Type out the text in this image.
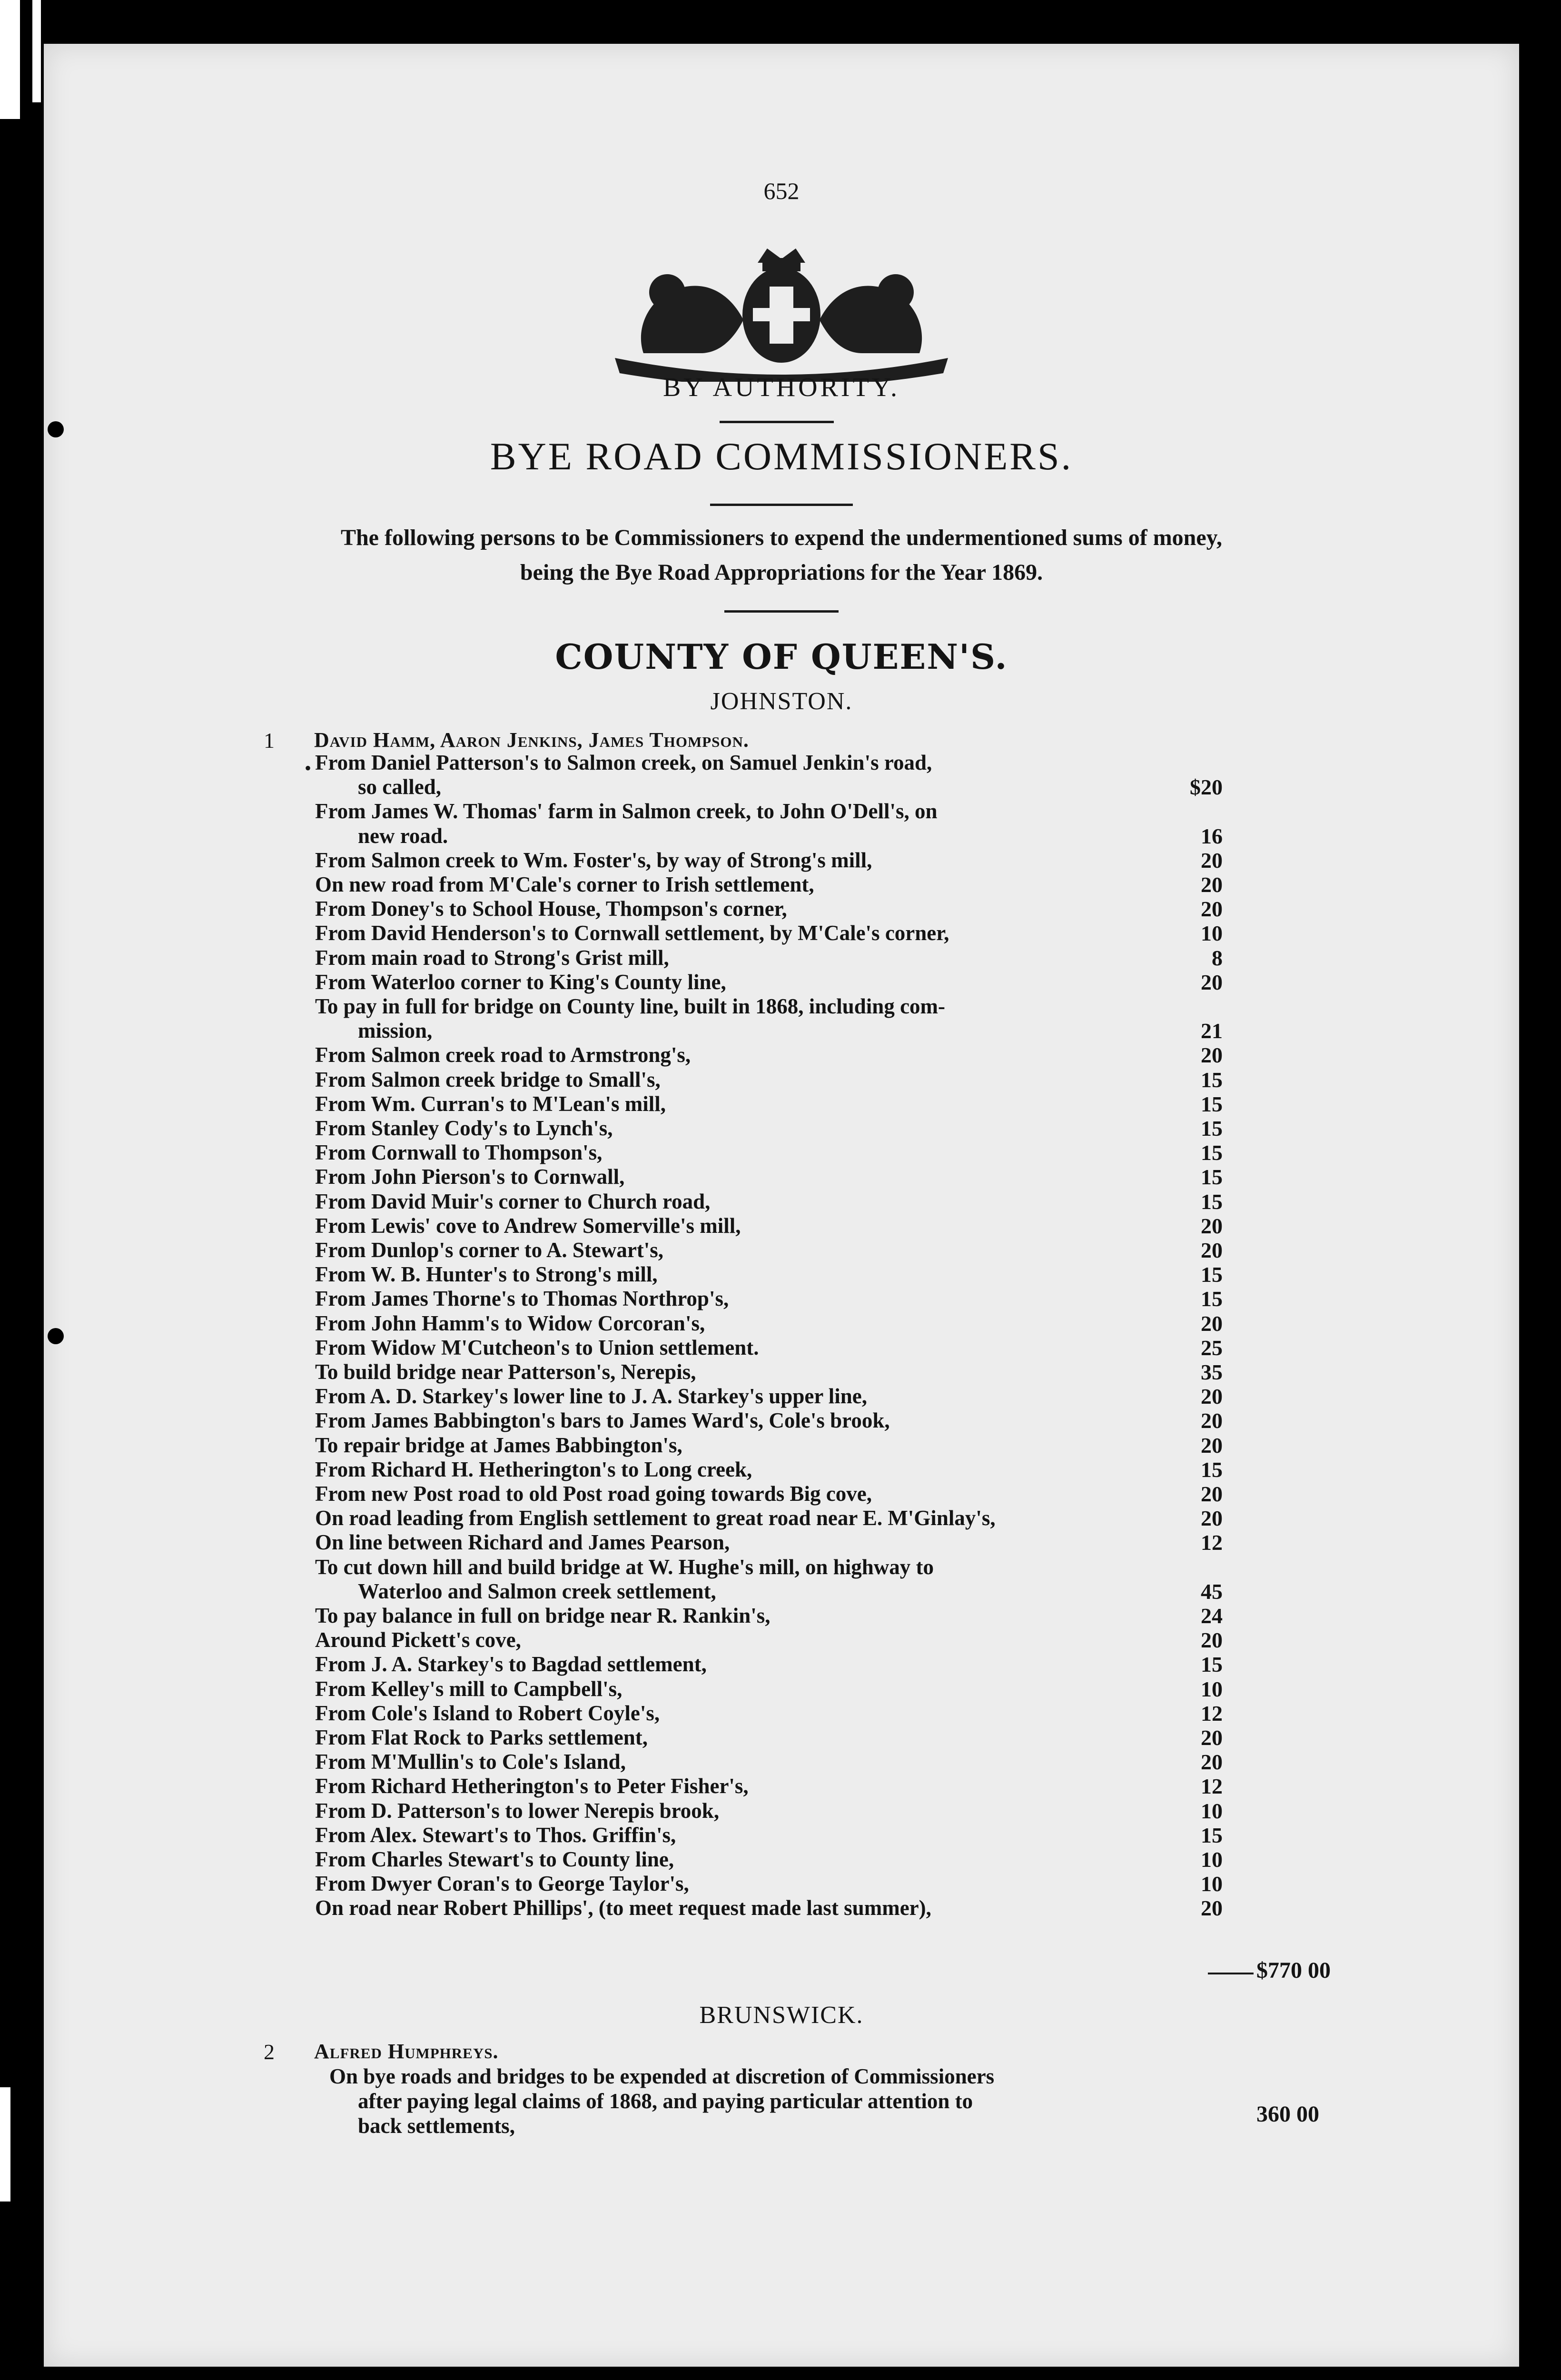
652
BY AUTHORITY.
BYE ROAD COMMISSIONERS.
The following persons to be Commissioners to expend the undermentioned sums of money,
being the Bye Road Appropriations for the Year 1869.
COUNTY OF QUEEN'S.
JOHNSTON.
1 David Hamm, Aaron Jenkins, James Thompson.
• From Daniel Patterson's to Salmon creek, on Samuel Jenkin's road,
so called,	$20
From James W. Thomas' farm in Salmon creek, to John O'Dell's, on
new road.	16
From Salmon creek to Wm. Foster's, by way of Strong's mill,	20
On new road from M'Cale's corner to Irish settlement,	20
From Doney's to School House, Thompson's corner,	20
From David Henderson's to Cornwall settlement, by M'Cale's corner,	10
From main road to Strong's Grist mill,	8
From Waterloo corner to King's County line,	20
To pay in full for bridge on County line, built in 1868, including com-
mission,	21
From Salmon creek road to Armstrong's,	20
From Salmon creek bridge to Small's,	15
From Wm. Curran's to M'Lean's mill,	15
From Stanley Cody's to Lynch's,	15
From Cornwall to Thompson's,	15
From John Pierson's to Cornwall,	15
From David Muir's corner to Church road,	15
From Lewis' cove to Andrew Somerville's mill,	20
From Dunlop's corner to A. Stewart's,	20
From W. B. Hunter's to Strong's mill,	15
From James Thorne's to Thomas Northrop's,	15
From John Hamm's to Widow Corcoran's,	20
From Widow M'Cutcheon's to Union settlement.	25
To build bridge near Patterson's, Nerepis,	35
From A. D. Starkey's lower line to J. A. Starkey's upper line,	20
From James Babbington's bars to James Ward's, Cole's brook,	20
To repair bridge at James Babbington's,	20
From Richard H. Hetherington's to Long creek,	15
From new Post road to old Post road going towards Big cove,	20
On road leading from English settlement to great road near E. M'Ginlay's,	20
On line between Richard and James Pearson,	12
To cut down hill and build bridge at W. Hughe's mill, on highway to
Waterloo and Salmon creek settlement,	45
To pay balance in full on bridge near R. Rankin's,	24
Around Pickett's cove,	20
From J. A. Starkey's to Bagdad settlement,	15
From Kelley's mill to Campbell's,	10
From Cole's Island to Robert Coyle's,	12
From Flat Rock to Parks settlement,	20
From M'Mullin's to Cole's Island,	20
From Richard Hetherington's to Peter Fisher's,	12
From D. Patterson's to lower Nerepis brook,	10
From Alex. Stewart's to Thos. Griffin's,	15
From Charles Stewart's to County line,	10
From Dwyer Coran's to George Taylor's,	10
On road near Robert Phillips', (to meet request made last summer),	20
$770 00
BRUNSWICK.
2 Alfred Humphreys.
On bye roads and bridges to be expended at discretion of Commissioners
after paying legal claims of 1868, and paying particular attention to
back settlements,	360 00
